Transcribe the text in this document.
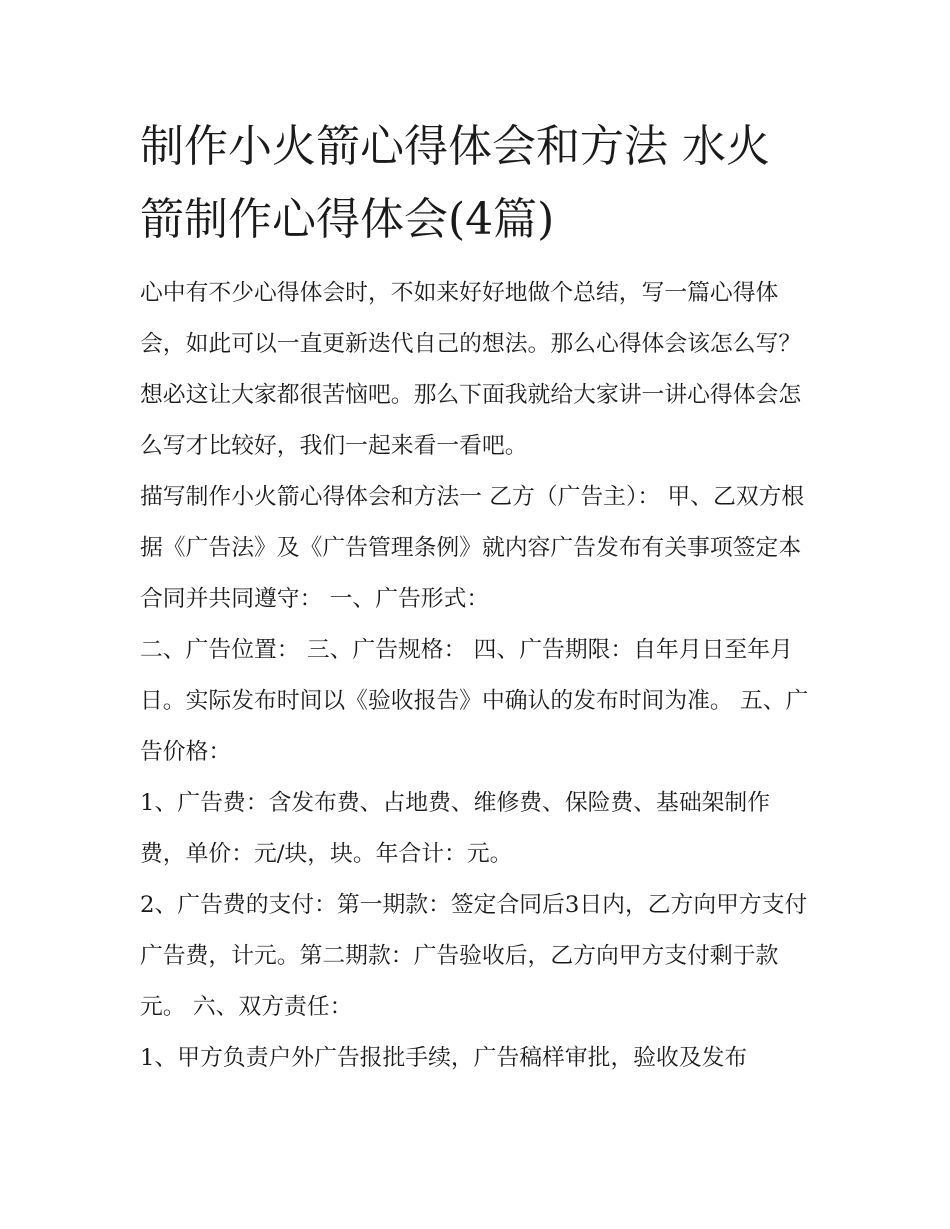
制作小火箭心得体会和方法 水火箭制作心得体会(4篇)

心中有不少心得体会时，不如来好好地做个总结，写一篇心得体会，如此可以一直更新迭代自己的想法。那么心得体会该怎么写？想必这让大家都很苦恼吧。那么下面我就给大家讲一讲心得体会怎么写才比较好，我们一起来看一看吧。

描写制作小火箭心得体会和方法一 乙方（广告主）： 甲、乙双方根据《广告法》及《广告管理条例》就内容广告发布有关事项签定本合同并共同遵守： 一、广告形式：

二、广告位置： 三、广告规格： 四、广告期限：自年月日至年月日。实际发布时间以《验收报告》中确认的发布时间为准。 五、广告价格：

1、广告费：含发布费、占地费、维修费、保险费、基础架制作费，单价：元/块，块。年合计：元。

2、广告费的支付：第一期款：签定合同后3日内，乙方向甲方支付广告费，计元。第二期款：广告验收后，乙方向甲方支付剩于款元。 六、双方责任：

1、甲方负责户外广告报批手续，广告稿样审批，验收及发布
